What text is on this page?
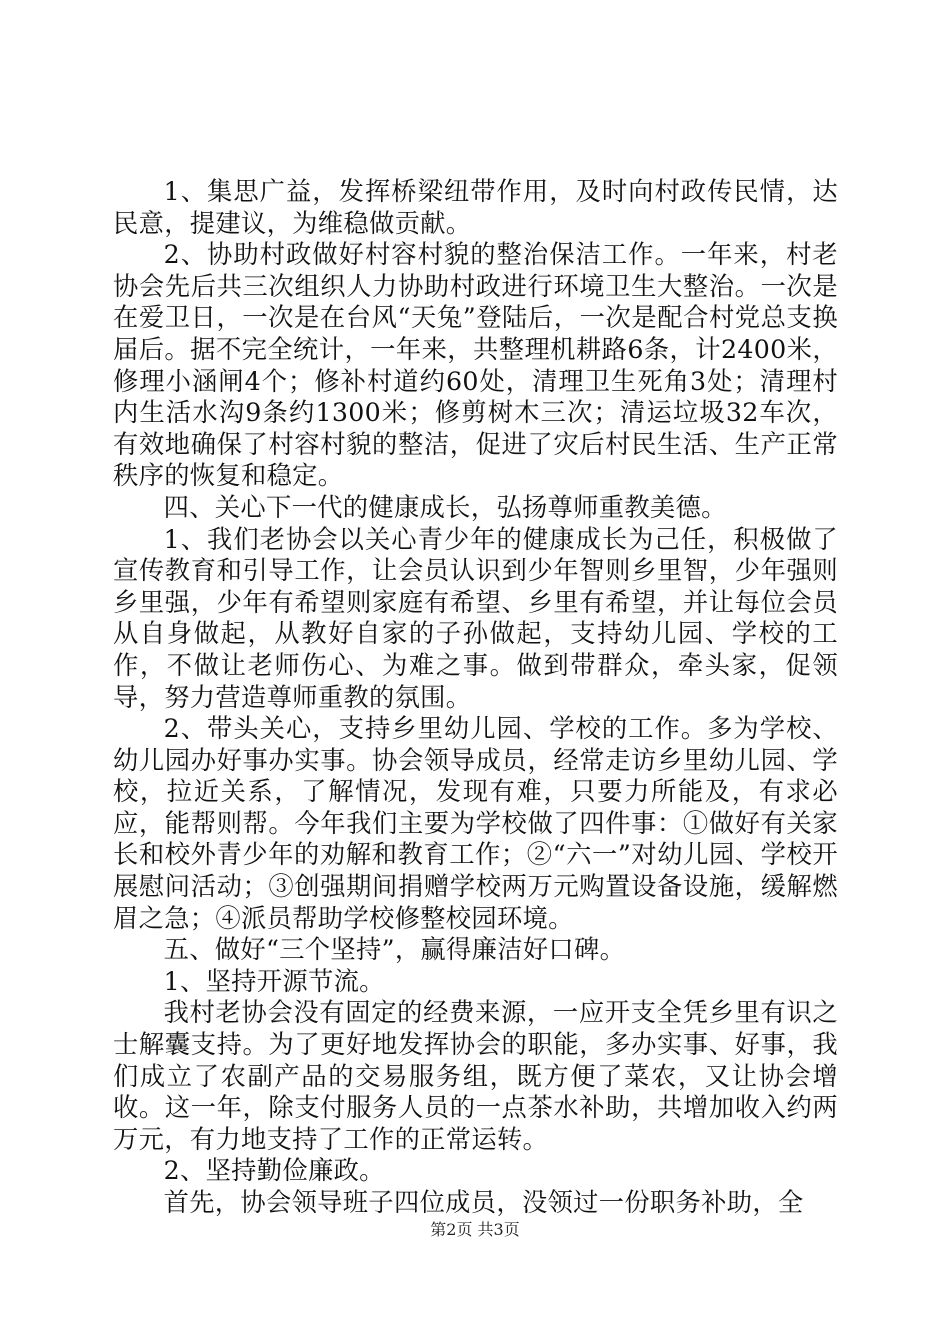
1、集思广益，发挥桥梁纽带作用，及时向村政传民情，达民意，提建议，为维稳做贡献。

2、协助村政做好村容村貌的整治保洁工作。一年来，村老协会先后共三次组织人力协助村政进行环境卫生大整治。一次是在爱卫日，一次是在台风“天兔”登陆后，一次是配合村党总支换届后。据不完全统计，一年来，共整理机耕路6条，计2400米，修理小涵闸4个；修补村道约60处，清理卫生死角3处；清理村内生活水沟9条约1300米；修剪树木三次；清运垃圾32车次，有效地确保了村容村貌的整洁，促进了灾后村民生活、生产正常秩序的恢复和稳定。

四、关心下一代的健康成长，弘扬尊师重教美德。

1、我们老协会以关心青少年的健康成长为己任，积极做了宣传教育和引导工作，让会员认识到少年智则乡里智，少年强则乡里强，少年有希望则家庭有希望、乡里有希望，并让每位会员从自身做起，从教好自家的子孙做起，支持幼儿园、学校的工作，不做让老师伤心、为难之事。做到带群众，牵头家，促领导，努力营造尊师重教的氛围。

2、带头关心，支持乡里幼儿园、学校的工作。多为学校、幼儿园办好事办实事。协会领导成员，经常走访乡里幼儿园、学校，拉近关系，了解情况，发现有难，只要力所能及，有求必应，能帮则帮。今年我们主要为学校做了四件事：①做好有关家长和校外青少年的劝解和教育工作；②“六一”对幼儿园、学校开展慰问活动；③创强期间捐赠学校两万元购置设备设施，缓解燃眉之急；④派员帮助学校修整校园环境。

五、做好“三个坚持”，赢得廉洁好口碑。

1、坚持开源节流。

我村老协会没有固定的经费来源，一应开支全凭乡里有识之士解囊支持。为了更好地发挥协会的职能，多办实事、好事，我们成立了农副产品的交易服务组，既方便了菜农，又让协会增收。这一年，除支付服务人员的一点茶水补助，共增加收入约两万元，有力地支持了工作的正常运转。

2、坚持勤俭廉政。

首先，协会领导班子四位成员，没领过一份职务补助，全

第2页 共3页
